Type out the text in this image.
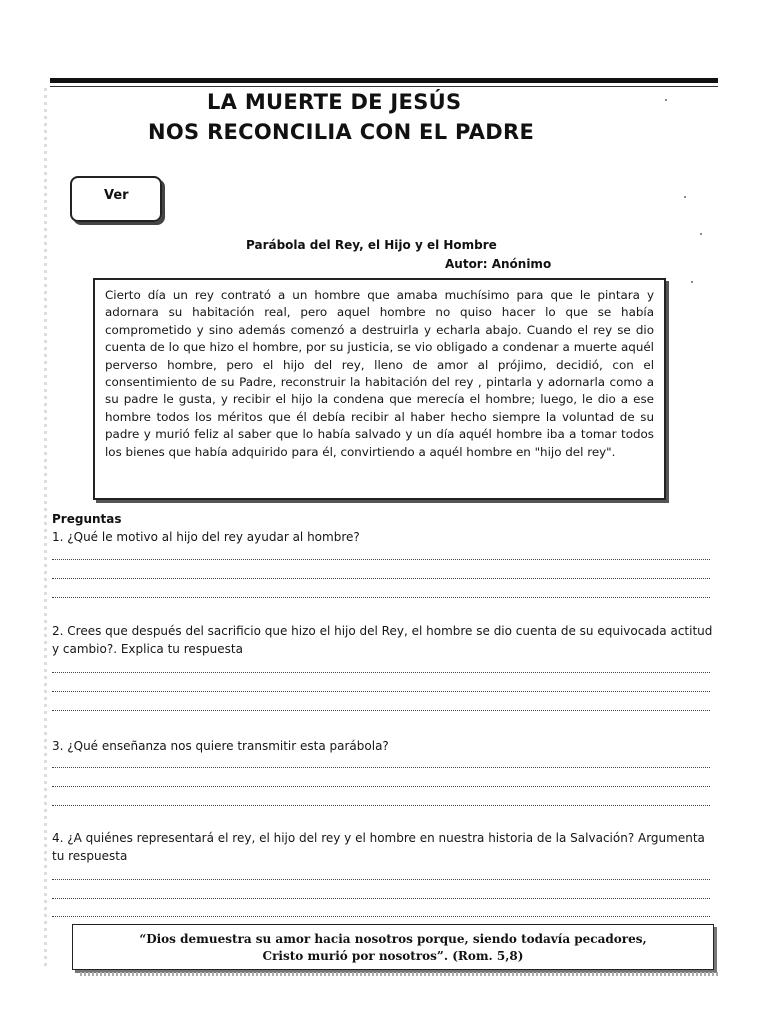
LA MUERTE DE JESÚS
NOS RECONCILIA CON EL PADRE
Ver
Parábola del Rey, el Hijo y el Hombre
Autor: Anónimo
Cierto día un rey contrató a un hombre que amaba muchísimo para que le pintara y adornara su habitación real, pero aquel hombre no quiso hacer lo que se había comprometido y sino además comenzó a destruirla y echarla abajo. Cuando el rey se dio cuenta de lo que hizo el hombre, por su justicia, se vio obligado a condenar a muerte aquél perverso hombre, pero el hijo del rey, lleno de amor al prójimo, decidió, con el consentimiento de su Padre, reconstruir la habitación del rey , pintarla y adornarla como a su padre le gusta, y recibir el hijo la condena que merecía el hombre; luego, le dio a ese hombre todos los méritos que él debía recibir al haber hecho siempre la voluntad de su padre y murió feliz al saber que lo había salvado y un día aquél hombre iba a tomar todos los bienes que había adquirido para él, convirtiendo a aquél hombre en "hijo del rey".
Preguntas
1. ¿Qué le motivo al hijo del rey ayudar al hombre?
2. Crees que después del sacrificio que hizo el hijo del Rey, el hombre se dio cuenta de su equivocada actitud y cambio?. Explica tu respuesta
3. ¿Qué enseñanza nos quiere transmitir esta parábola?
4. ¿A quiénes representará el rey, el hijo del rey y el hombre en nuestra historia de la Salvación? Argumenta tu respuesta
“Dios demuestra su amor hacia nosotros porque, siendo todavía pecadores,
Cristo murió por nosotros”. (Rom. 5,8)
